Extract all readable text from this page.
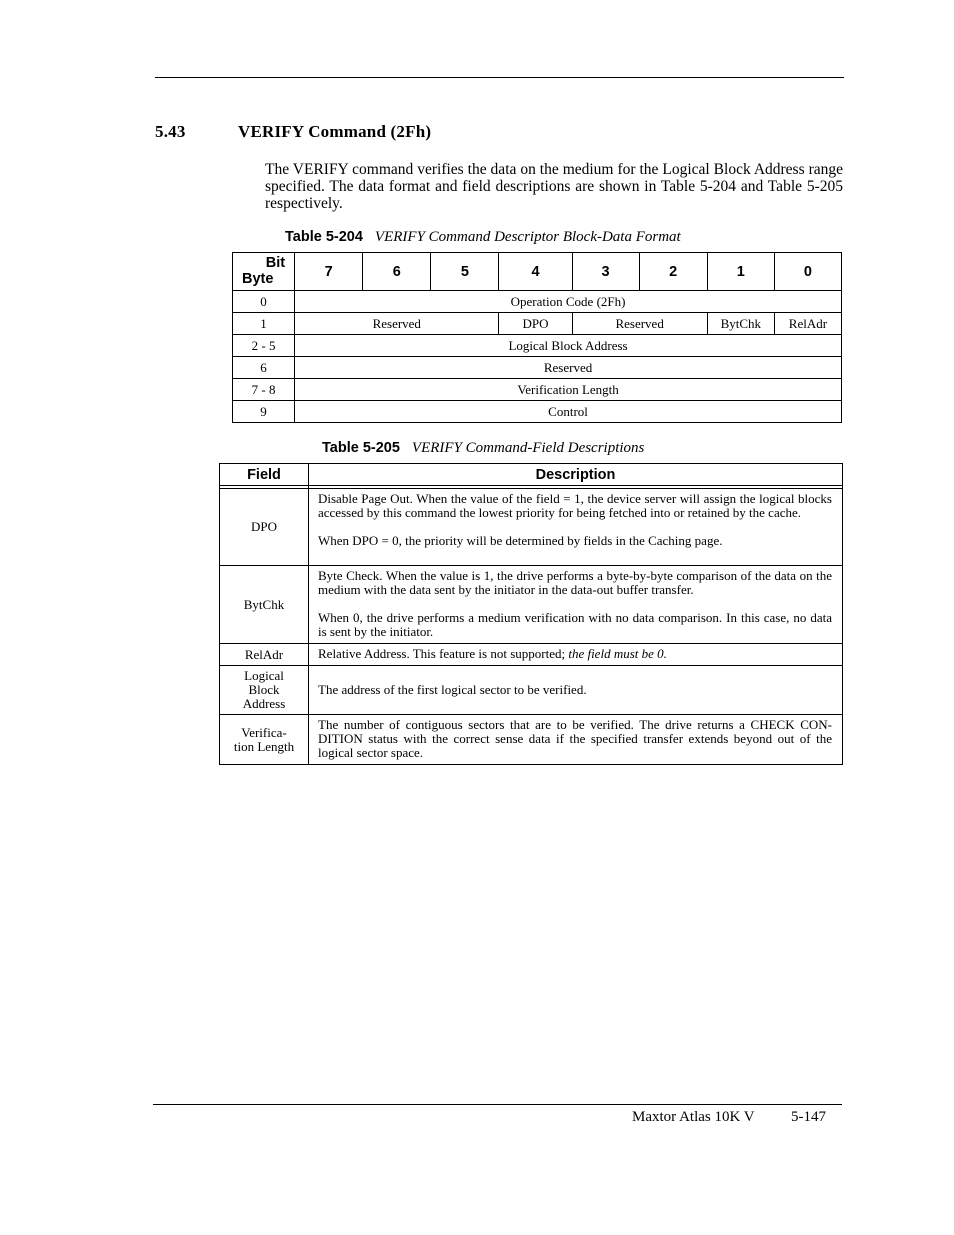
5.43	VERIFY Command (2Fh)

The VERIFY command verifies the data on the medium for the Logical Block Address range specified. The data format and field descriptions are shown in Table 5-204 and Table 5-205 respectively.

Table 5-204 VERIFY Command Descriptor Block-Data Format
Bit
Byte	7	6	5	4	3	2	1	0
0	Operation Code (2Fh)							
1	Reserved			DPO	Reserved		BytChk	RelAdr
2 - 5	Logical Block Address							
6	Reserved							
7 - 8	Verification Length							
9	Control							
Table 5-205 VERIFY Command-Field Descriptions
Field	Description

DPO	Disable Page Out. When the value of the field = 1, the device server will assign the logical blocks accessed by this command the lowest priority for being fetched into or retained by the cache.

When DPO = 0, the priority will be determined by fields in the Caching page.

BytChk	Byte Check. When the value is 1, the drive performs a byte-by-byte comparison of the data on the medium with the data sent by the initiator in the data-out buffer transfer.

When 0, the drive performs a medium verification with no data comparison. In this case, no data is sent by the initiator.

RelAdr	Relative Address. This feature is not supported; the field must be 0.

Logical
Block
Address	The address of the first logical sector to be verified.

Verifica-
tion Length	The number of contiguous sectors that are to be verified. The drive returns a CHECK CON-DITION status with the correct sense data if the specified transfer extends beyond out of the logical sector space.

Maxtor Atlas 10K V 5-147
